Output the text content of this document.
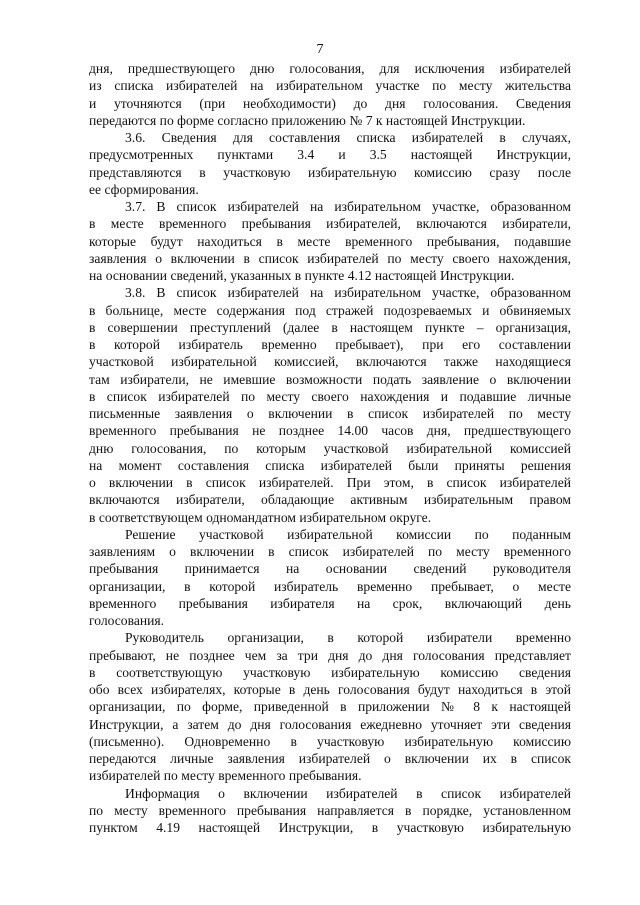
7
дня, предшествующего дню голосования, для исключения избирателей
из списка избирателей на избирательном участке по месту жительства
и уточняются (при необходимости) до дня голосования. Сведения
передаются по форме согласно приложению № 7 к настоящей Инструкции.
3.6. Сведения для составления списка избирателей в случаях,
предусмотренных пунктами 3.4 и 3.5 настоящей Инструкции,
представляются в участковую избирательную комиссию сразу после
ее сформирования.
3.7. В список избирателей на избирательном участке, образованном
в месте временного пребывания избирателей, включаются избиратели,
которые будут находиться в месте временного пребывания, подавшие
заявления о включении в список избирателей по месту своего нахождения,
на основании сведений, указанных в пункте 4.12 настоящей Инструкции.
3.8. В список избирателей на избирательном участке, образованном
в больнице, месте содержания под стражей подозреваемых и обвиняемых
в совершении преступлений (далее в настоящем пункте – организация,
в которой избиратель временно пребывает), при его составлении
участковой избирательной комиссией, включаются также находящиеся
там избиратели, не имевшие возможности подать заявление о включении
в список избирателей по месту своего нахождения и подавшие личные
письменные заявления о включении в список избирателей по месту
временного пребывания не позднее 14.00 часов дня, предшествующего
дню голосования, по которым участковой избирательной комиссией
на момент составления списка избирателей были приняты решения
о включении в список избирателей. При этом, в список избирателей
включаются избиратели, обладающие активным избирательным правом
в соответствующем одномандатном избирательном округе.
Решение участковой избирательной комиссии по поданным
заявлениям о включении в список избирателей по месту временного
пребывания принимается на основании сведений руководителя
организации, в которой избиратель временно пребывает, о месте
временного пребывания избирателя на срок, включающий день
голосования.
Руководитель организации, в которой избиратели временно
пребывают, не позднее чем за три дня до дня голосования представляет
в соответствующую участковую избирательную комиссию сведения
обо всех избирателях, которые в день голосования будут находиться в этой
организации, по форме, приведенной в приложении № 8 к настоящей
Инструкции, а затем до дня голосования ежедневно уточняет эти сведения
(письменно). Одновременно в участковую избирательную комиссию
передаются личные заявления избирателей о включении их в список
избирателей по месту временного пребывания.
Информация о включении избирателей в список избирателей
по месту временного пребывания направляется в порядке, установленном
пунктом 4.19 настоящей Инструкции, в участковую избирательную
